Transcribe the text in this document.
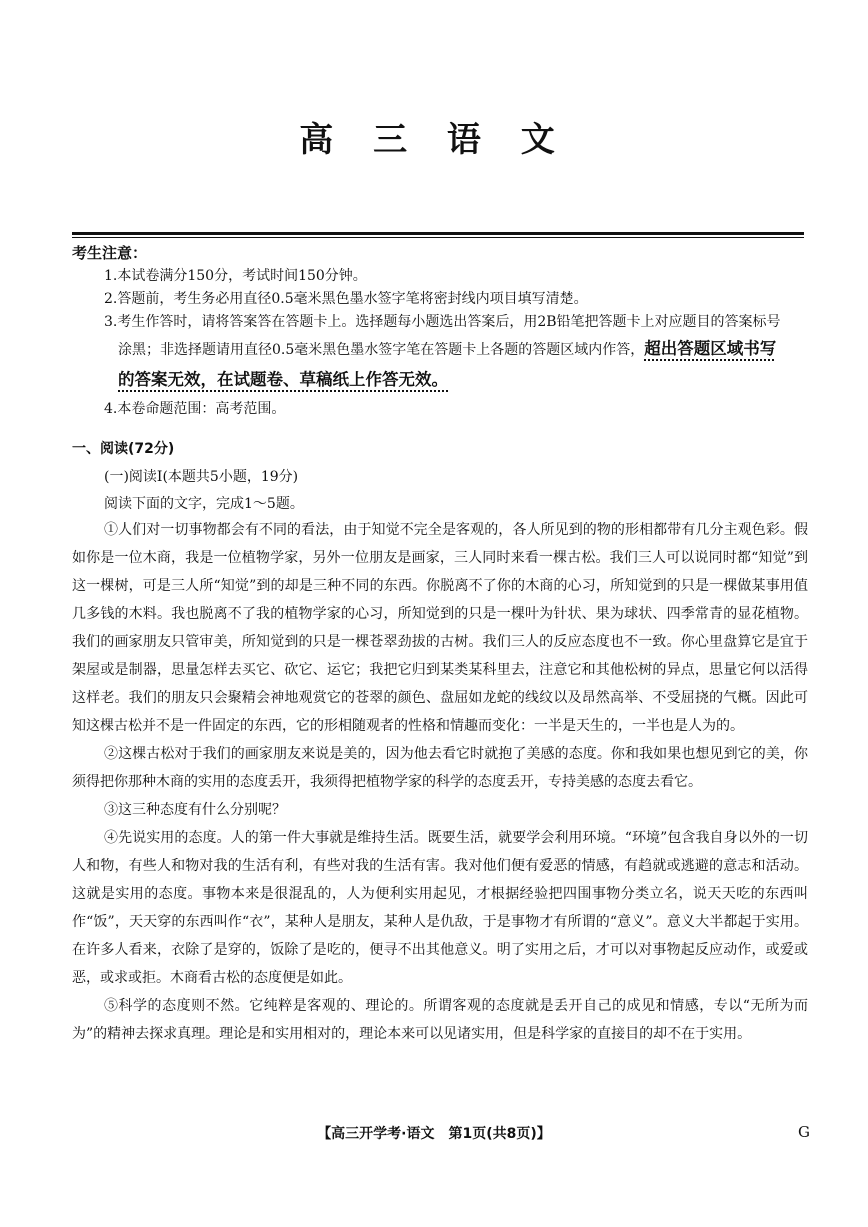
高 三 语 文
考生注意：
1.本试卷满分150分，考试时间150分钟。
2.答题前，考生务必用直径0.5毫米黑色墨水签字笔将密封线内项目填写清楚。
3.考生作答时，请将答案答在答题卡上。选择题每小题选出答案后，用2B铅笔把答题卡上对应题目的答案标号
涂黑；非选择题请用直径0.5毫米黑色墨水签字笔在答题卡上各题的答题区域内作答，超出答题区域书写
的答案无效，在试题卷、草稿纸上作答无效。
4.本卷命题范围：高考范围。
一、阅读(72分)
(一)阅读Ⅰ(本题共5小题，19分)
阅读下面的文字，完成1～5题。

①人们对一切事物都会有不同的看法，由于知觉不完全是客观的，各人所见到的物的形相都带有几分主观色彩。假如你是一位木商，我是一位植物学家，另外一位朋友是画家，三人同时来看一棵古松。我们三人可以说同时都“知觉”到这一棵树，可是三人所“知觉”到的却是三种不同的东西。你脱离不了你的木商的心习，所知觉到的只是一棵做某事用值几多钱的木料。我也脱离不了我的植物学家的心习，所知觉到的只是一棵叶为针状、果为球状、四季常青的显花植物。我们的画家朋友只管审美，所知觉到的只是一棵苍翠劲拔的古树。我们三人的反应态度也不一致。你心里盘算它是宜于架屋或是制器，思量怎样去买它、砍它、运它；我把它归到某类某科里去，注意它和其他松树的异点，思量它何以活得这样老。我们的朋友只会聚精会神地观赏它的苍翠的颜色、盘屈如龙蛇的线纹以及昂然高举、不受屈挠的气概。因此可知这棵古松并不是一件固定的东西，它的形相随观者的性格和情趣而变化：一半是天生的，一半也是人为的。

②这棵古松对于我们的画家朋友来说是美的，因为他去看它时就抱了美感的态度。你和我如果也想见到它的美，你须得把你那种木商的实用的态度丢开，我须得把植物学家的科学的态度丢开，专持美感的态度去看它。

③这三种态度有什么分别呢？

④先说实用的态度。人的第一件大事就是维持生活。既要生活，就要学会利用环境。“环境”包含我自身以外的一切人和物，有些人和物对我的生活有利，有些对我的生活有害。我对他们便有爱恶的情感，有趋就或逃避的意志和活动。这就是实用的态度。事物本来是很混乱的，人为便利实用起见，才根据经验把四围事物分类立名，说天天吃的东西叫作“饭”，天天穿的东西叫作“衣”，某种人是朋友，某种人是仇敌，于是事物才有所谓的“意义”。意义大半都起于实用。在许多人看来，衣除了是穿的，饭除了是吃的，便寻不出其他意义。明了实用之后，才可以对事物起反应动作，或爱或恶，或求或拒。木商看古松的态度便是如此。

⑤科学的态度则不然。它纯粹是客观的、理论的。所谓客观的态度就是丢开自己的成见和情感，专以“无所为而为”的精神去探求真理。理论是和实用相对的，理论本来可以见诸实用，但是科学家的直接目的却不在于实用。

【高三开学考·语文　第1页(共8页)】	G
